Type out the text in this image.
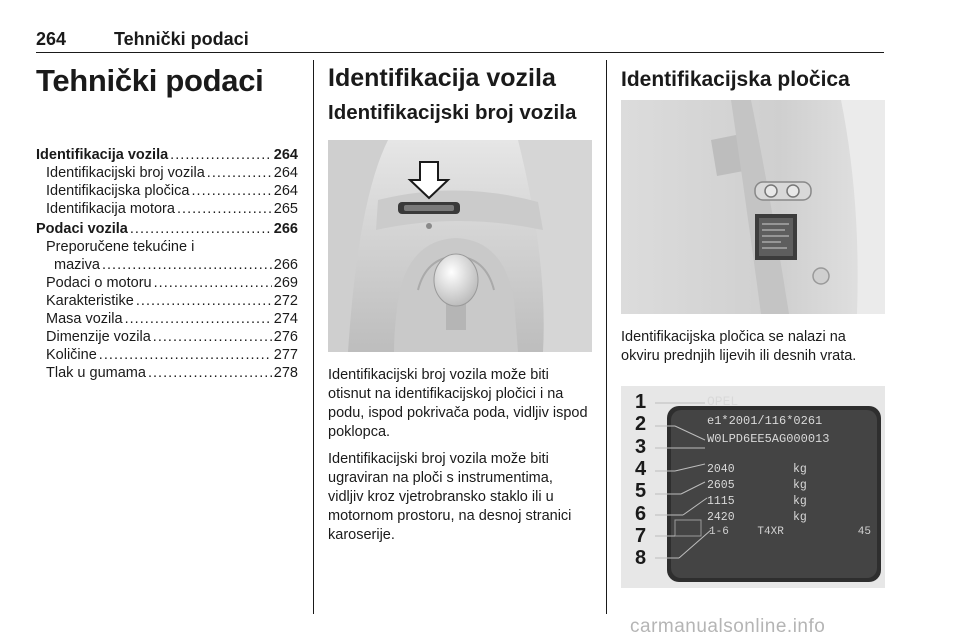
264	Tehnički podaci
Tehnički podaci
Identifikacija vozila . . .	264
Identifikacijski broj vozila . . .	264
Identifikacijska pločica . . .	264
Identifikacija motora . . .	265
Podaci vozila . . .	266
Preporučene tekućine i
maziva . . .	266
Podaci o motoru . . .	269
Karakteristike . . .	272
Masa vozila . . .	274
Dimenzije vozila . . .	276
Količine . . .	277
Tlak u gumama . . .	278
Identifikacija vozila
Identifikacijski broj vozila

Identifikacijski broj vozila može biti otisnut na identifikacijskoj pločici i na podu, ispod pokrivača poda, vidljiv ispod poklopca.

Identifikacijski broj vozila može biti ugraviran na ploči s instrumentima, vidljiv kroz vjetrobransko staklo ili u motornom prostoru, na desnoj stranici karoserije.

Identifikacijska pločica

Identifikacijska pločica se nalazi na okviru prednjih lijevih ili desnih vrata.

1
2
3
4
5
6
7
8
OPEL
e1*2001/116*0261
W0LPD6EE5AG000013
2040	kg
2605	kg
1115	kg
2420	kg
1-6	T4XR	45
carmanualsonline.info
